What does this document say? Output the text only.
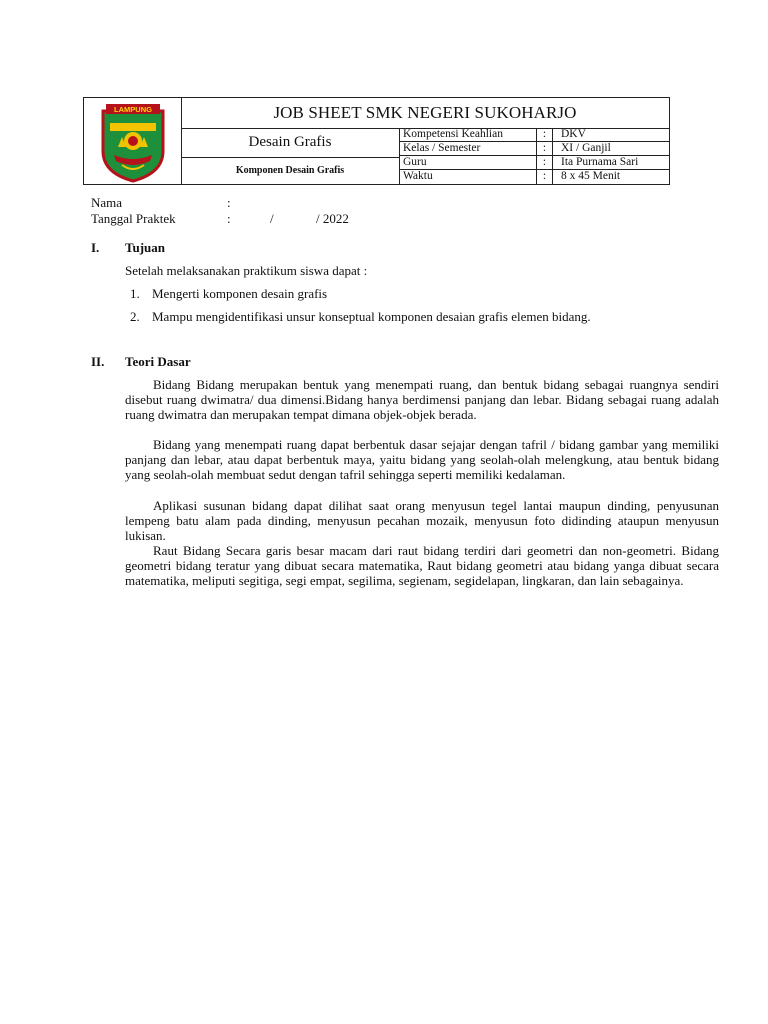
LAMPUNG	JOB SHEET SMK NEGERI SUKOHARJO
Desain Grafis
Komponen Desain Grafis
Kompetensi Keahlian	:	DKV
Kelas / Semester	:	XI / Ganjil
Guru	:	Ita Purnama Sari
Waktu	:	8 x 45 Menit
Nama	:
Tanggal Praktek	:	/	/ 2022
I. Tujuan
Setelah melaksanakan praktikum siswa dapat :
1. Mengerti komponen desain grafis
2. Mampu mengidentifikasi unsur konseptual komponen desaian grafis elemen bidang.
II. Teori Dasar
Bidang Bidang merupakan bentuk yang menempati ruang, dan bentuk bidang sebagai ruangnya sendiri disebut ruang dwimatra/ dua dimensi.Bidang hanya berdimensi panjang dan lebar. Bidang sebagai ruang adalah ruang dwimatra dan merupakan tempat dimana objek-objek berada.
Bidang yang menempati ruang dapat berbentuk dasar sejajar dengan tafril / bidang gambar yang memiliki panjang dan lebar, atau dapat berbentuk maya, yaitu bidang yang seolah-olah melengkung, atau bentuk bidang yang seolah-olah membuat sedut dengan tafril sehingga seperti memiliki kedalaman.
Aplikasi susunan bidang dapat dilihat saat orang menyusun tegel lantai maupun dinding, penyusunan lempeng batu alam pada dinding, menyusun pecahan mozaik, menyusun foto didinding ataupun menyusun lukisan.
Raut Bidang Secara garis besar macam dari raut bidang terdiri dari geometri dan non-geometri. Bidang geometri bidang teratur yang dibuat secara matematika, Raut bidang geometri atau bidang yanga dibuat secara matematika, meliputi segitiga, segi empat, segilima, segienam, segidelapan, lingkaran, dan lain sebagainya.
